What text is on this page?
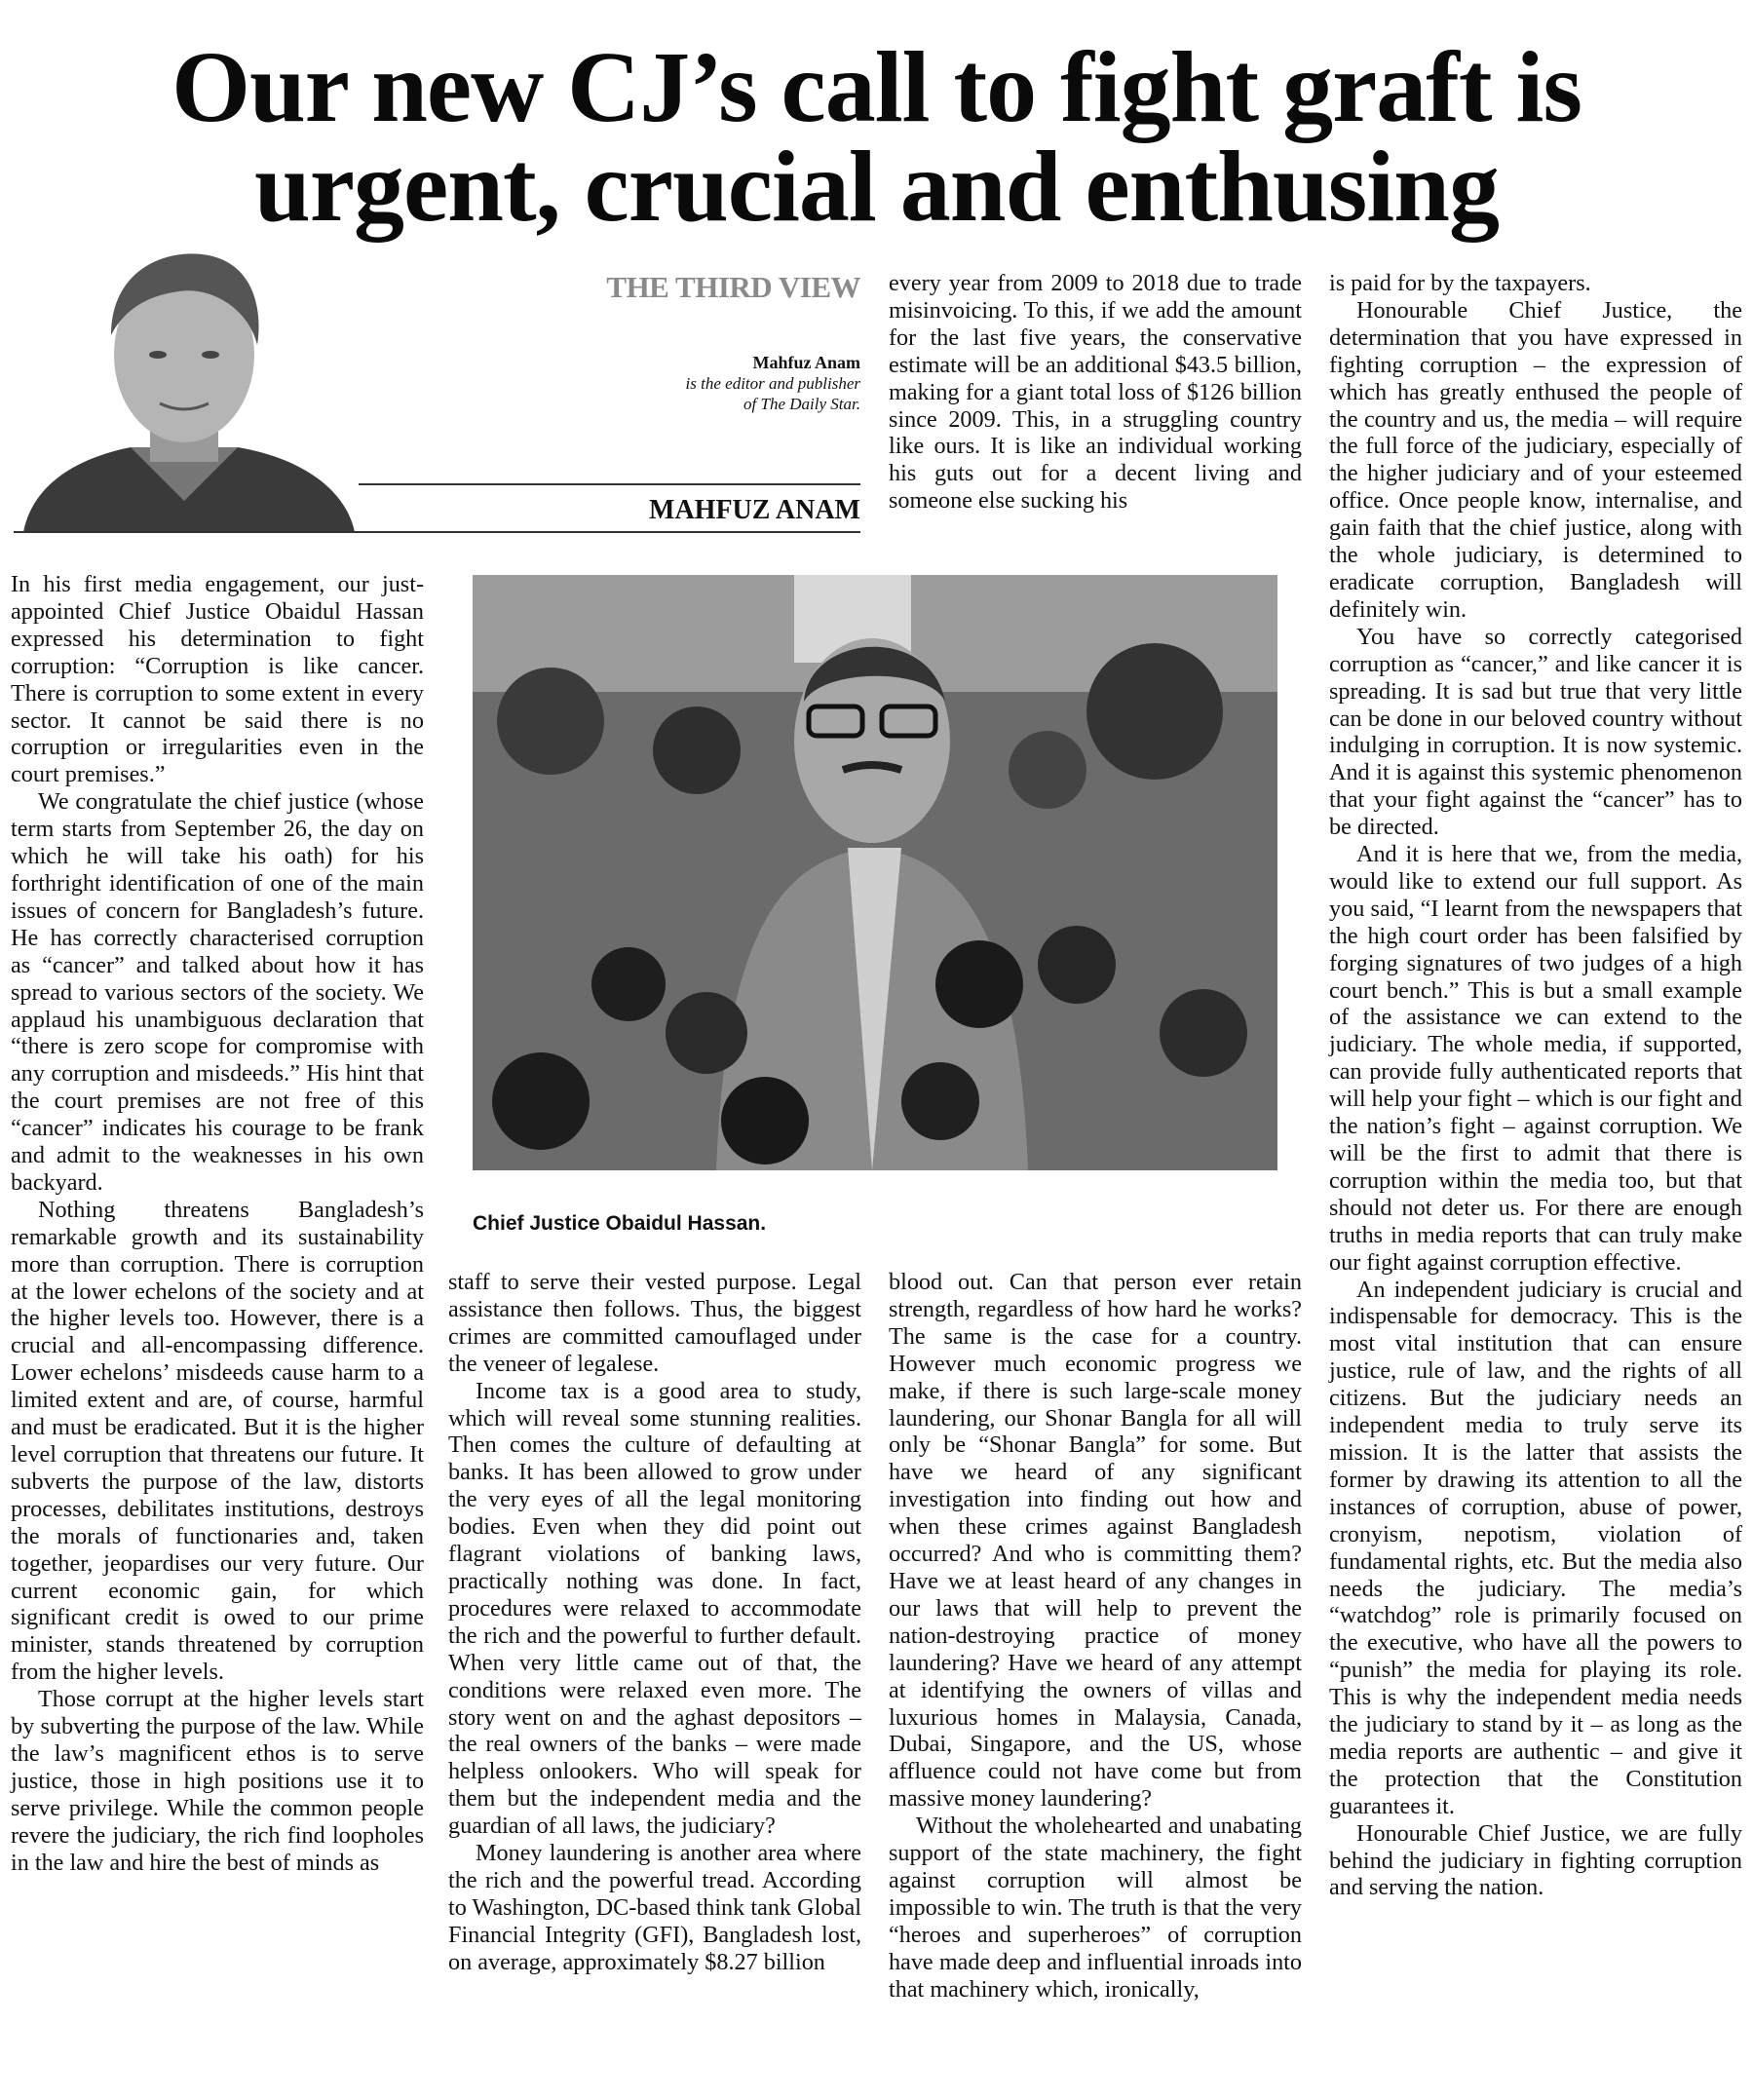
Our new CJ’s call to fight graft is
urgent, crucial and enthusing
THE THIRD VIEW
Mahfuz Anam
is the editor and publisher
of The Daily Star.
MAHFUZ ANAM

In his first media engagement, our just-appointed Chief Justice Obaidul Hassan expressed his determination to fight corruption: “Corruption is like cancer. There is corruption to some extent in every sector. It cannot be said there is no corruption or irregularities even in the court premises.”

We congratulate the chief justice (whose term starts from September 26, the day on which he will take his oath) for his forthright identification of one of the main issues of concern for Bangladesh’s future. He has correctly characterised corruption as “cancer” and talked about how it has spread to various sectors of the society. We applaud his unambiguous declaration that “there is zero scope for compromise with any corruption and misdeeds.” His hint that the court premises are not free of this “cancer” indicates his courage to be frank and admit to the weaknesses in his own backyard.

Nothing threatens Bangladesh’s remarkable growth and its sustainability more than corruption. There is corruption at the lower echelons of the society and at the higher levels too. However, there is a crucial and all-encompassing difference. Lower echelons’ misdeeds cause harm to a limited extent and are, of course, harmful and must be eradicated. But it is the higher level corruption that threatens our future. It subverts the purpose of the law, distorts processes, debilitates institutions, destroys the morals of functionaries and, taken together, jeopardises our very future. Our current economic gain, for which significant credit is owed to our prime minister, stands threatened by corruption from the higher levels.

Those corrupt at the higher levels start by subverting the purpose of the law. While the law’s magnificent ethos is to serve justice, those in high positions use it to serve privilege. While the common people revere the judiciary, the rich find loopholes in the law and hire the best of minds as

Chief Justice Obaidul Hassan.

staff to serve their vested purpose. Legal assistance then follows. Thus, the biggest crimes are committed camouflaged under the veneer of legalese.

Income tax is a good area to study, which will reveal some stunning realities. Then comes the culture of defaulting at banks. It has been allowed to grow under the very eyes of all the legal monitoring bodies. Even when they did point out flagrant violations of banking laws, practically nothing was done. In fact, procedures were relaxed to accommodate the rich and the powerful to further default. When very little came out of that, the conditions were relaxed even more. The story went on and the aghast depositors – the real owners of the banks – were made helpless onlookers. Who will speak for them but the independent media and the guardian of all laws, the judiciary?

Money laundering is another area where the rich and the powerful tread. According to Washington, DC-based think tank Global Financial Integrity (GFI), Bangladesh lost, on average, approximately $8.27 billion

every year from 2009 to 2018 due to trade misinvoicing. To this, if we add the amount for the last five years, the conservative estimate will be an additional $43.5 billion, making for a giant total loss of $126 billion since 2009. This, in a struggling country like ours. It is like an individual working his guts out for a decent living and someone else sucking his

blood out. Can that person ever retain strength, regardless of how hard he works? The same is the case for a country. However much economic progress we make, if there is such large-scale money laundering, our Shonar Bangla for all will only be “Shonar Bangla” for some. But have we heard of any significant investigation into finding out how and when these crimes against Bangladesh occurred? And who is committing them? Have we at least heard of any changes in our laws that will help to prevent the nation-destroying practice of money laundering? Have we heard of any attempt at identifying the owners of villas and luxurious homes in Malaysia, Canada, Dubai, Singapore, and the US, whose affluence could not have come but from massive money laundering?

Without the wholehearted and unabating support of the state machinery, the fight against corruption will almost be impossible to win. The truth is that the very “heroes and superheroes” of corruption have made deep and influential inroads into that machinery which, ironically,

is paid for by the taxpayers.

Honourable Chief Justice, the determination that you have expressed in fighting corruption – the expression of which has greatly enthused the people of the country and us, the media – will require the full force of the judiciary, especially of the higher judiciary and of your esteemed office. Once people know, internalise, and gain faith that the chief justice, along with the whole judiciary, is determined to eradicate corruption, Bangladesh will definitely win.

You have so correctly categorised corruption as “cancer,” and like cancer it is spreading. It is sad but true that very little can be done in our beloved country without indulging in corruption. It is now systemic. And it is against this systemic phenomenon that your fight against the “cancer” has to be directed.

And it is here that we, from the media, would like to extend our full support. As you said, “I learnt from the newspapers that the high court order has been falsified by forging signatures of two judges of a high court bench.” This is but a small example of the assistance we can extend to the judiciary. The whole media, if supported, can provide fully authenticated reports that will help your fight – which is our fight and the nation’s fight – against corruption. We will be the first to admit that there is corruption within the media too, but that should not deter us. For there are enough truths in media reports that can truly make our fight against corruption effective.

An independent judiciary is crucial and indispensable for democracy. This is the most vital institution that can ensure justice, rule of law, and the rights of all citizens. But the judiciary needs an independent media to truly serve its mission. It is the latter that assists the former by drawing its attention to all the instances of corruption, abuse of power, cronyism, nepotism, violation of fundamental rights, etc. But the media also needs the judiciary. The media’s “watchdog” role is primarily focused on the executive, who have all the powers to “punish” the media for playing its role. This is why the independent media needs the judiciary to stand by it – as long as the media reports are authentic – and give it the protection that the Constitution guarantees it.

Honourable Chief Justice, we are fully behind the judiciary in fighting corruption and serving the nation.
